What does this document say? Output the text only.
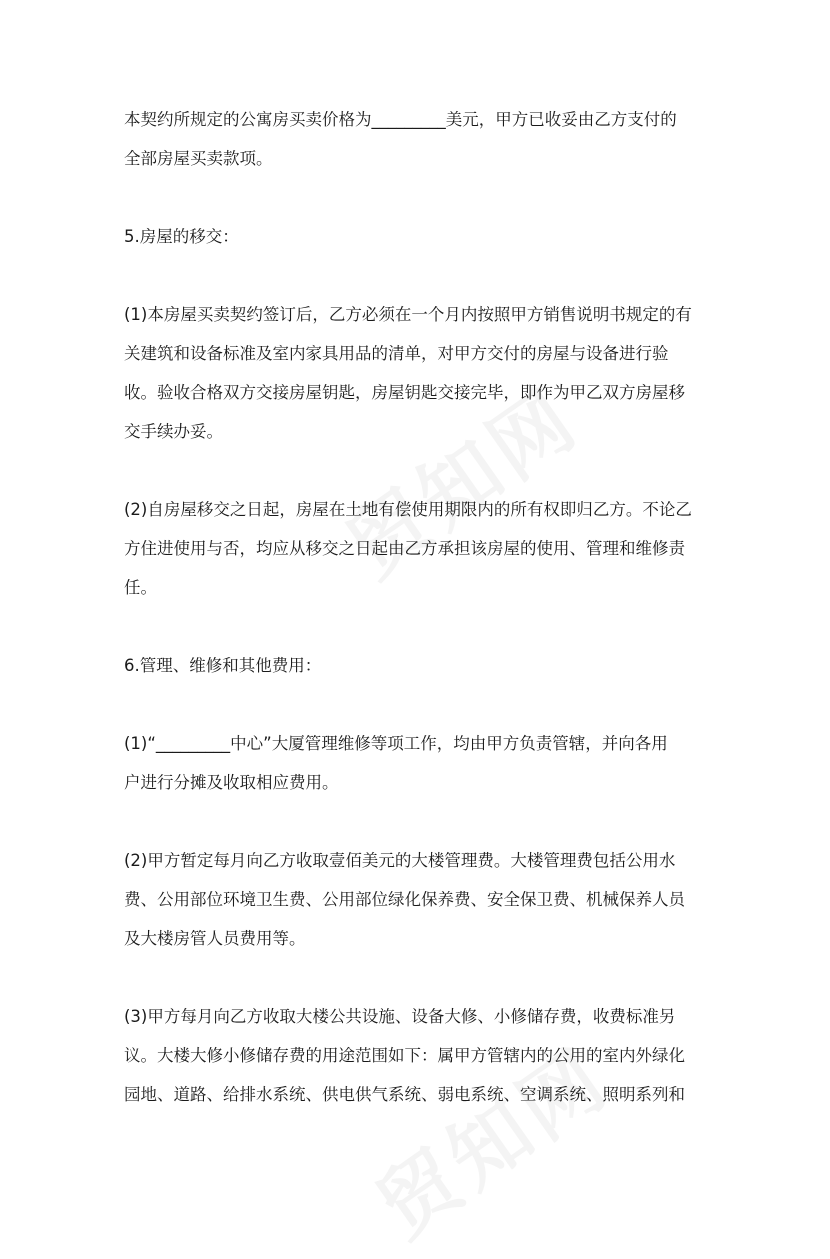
本契约所规定的公寓房买卖价格为_________美元，甲方已收妥由乙方支付的
全部房屋买卖款项。

5.房屋的移交：

(1)本房屋买卖契约签订后，乙方必须在一个月内按照甲方销售说明书规定的有
关建筑和设备标准及室内家具用品的清单，对甲方交付的房屋与设备进行验
收。验收合格双方交接房屋钥匙，房屋钥匙交接完毕，即作为甲乙双方房屋移
交手续办妥。

(2)自房屋移交之日起，房屋在土地有偿使用期限内的所有权即归乙方。不论乙
方住进使用与否，均应从移交之日起由乙方承担该房屋的使用、管理和维修责
任。

6.管理、维修和其他费用：

(1)“_________中心”大厦管理维修等项工作，均由甲方负责管辖，并向各用
户进行分摊及收取相应费用。

(2)甲方暂定每月向乙方收取壹佰美元的大楼管理费。大楼管理费包括公用水
费、公用部位环境卫生费、公用部位绿化保养费、安全保卫费、机械保养人员
及大楼房管人员费用等。

(3)甲方每月向乙方收取大楼公共设施、设备大修、小修储存费，收费标准另
议。大楼大修小修储存费的用途范围如下：属甲方管辖内的公用的室内外绿化
园地、道路、给排水系统、供电供气系统、弱电系统、空调系统、照明系列和
